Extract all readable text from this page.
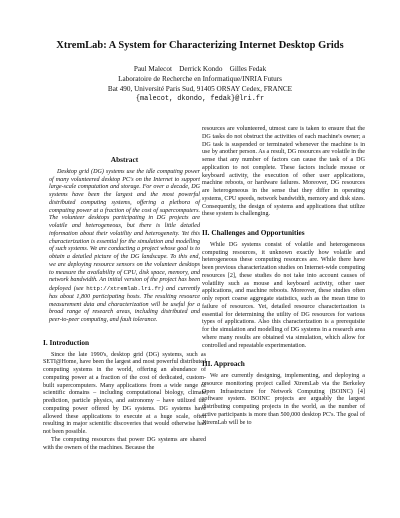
XtremLab: A System for Characterizing Internet Desktop Grids
Paul Malecot    Derrick Kondo    Gilles Fedak
Laboratoire de Recherche en Informatique/INRIA Futurs
Bat 490, Université Paris Sud, 91405 ORSAY Cedex, FRANCE
{malecot, dkondo, fedak}@lri.fr
Abstract

Desktop grid (DG) systems use the idle computing power of many volunteered desktop PC's on the Internet to support large-scale computation and storage. For over a decade, DG systems have been the largest and the most powerful distributed computing systems, offering a plethora of computing power at a fraction of the cost of supercomputers. The volunteer desktops participating in DG projects are volatile and heterogeneous, but there is little detailed information about their volatility and heterogeneity. Yet this characterization is essential for the simulation and modelling of such systems. We are conducting a project whose goal is to obtain a detailed picture of the DG landscape. To this end, we are deploying resource sensors on the volunteer desktops to measure the availability of CPU, disk space, memory, and network bandwidth. An initial version of the project has been deployed (see http://xtremlab.lri.fr) and currently has about 1,800 participating hosts. The resulting resource measurement data and characterization will be useful for a broad range of research areas, including distributed and peer-to-peer computing, and fault tolerance.

I. Introduction

Since the late 1990's, desktop grid (DG) systems, such as SETI@Home, have been the largest and most powerful distributed computing systems in the world, offering an abundance of computing power at a fraction of the cost of dedicated, custom-built supercomputers. Many applications from a wide range of scientific domains – including computational biology, climate prediction, particle physics, and astronomy – have utilized the computing power offered by DG systems. DG systems have allowed these applications to execute at a huge scale, often resulting in major scientific discoveries that would otherwise had not been possible.

The computing resources that power DG systems are shared with the owners of the machines. Because the

resources are volunteered, utmost care is taken to ensure that the DG tasks do not obstruct the activities of each machine's owner; a DG task is suspended or terminated whenever the machine is in use by another person. As a result, DG resources are volatile in the sense that any number of factors can cause the task of a DG application to not complete. These factors include mouse or keyboard activity, the execution of other user applications, machine reboots, or hardware failures. Moreover, DG resources are heterogeneous in the sense that they differ in operating systems, CPU speeds, network bandwidth, memory and disk sizes. Consequently, the design of systems and applications that utilize these system is challenging.

II. Challenges and Opportunities

While DG systems consist of volatile and heterogeneous computing resources, it unknown exactly how volatile and heterogeneous these computing resources are. While there have been previous characterization studies on Internet-wide computing resources [2], these studies do not take into account causes of volatility such as mouse and keyboard activity, other user applications, and machine reboots. Moreover, these studies often only report coarse aggregate statistics, such as the mean time to failure of resources. Yet, detailed resource characterization is essential for determining the utility of DG resources for various types of applications. Also this characterization is a prerequisite for the simulation and modelling of DG systems in a research area where many results are obtained via simulation, which allow for controlled and repeatable experimentation.

III. Approach

We are currently designing, implementing, and deploying a resource monitoring project called XtremLab via the Berkeley Open Infrastructure for Network Computing (BOINC) [4] software system. BOINC projects are arguably the largest distributing computing projects in the world, as the number of active participants is more than 500,000 desktop PC's. The goal of XtremLab will be to
